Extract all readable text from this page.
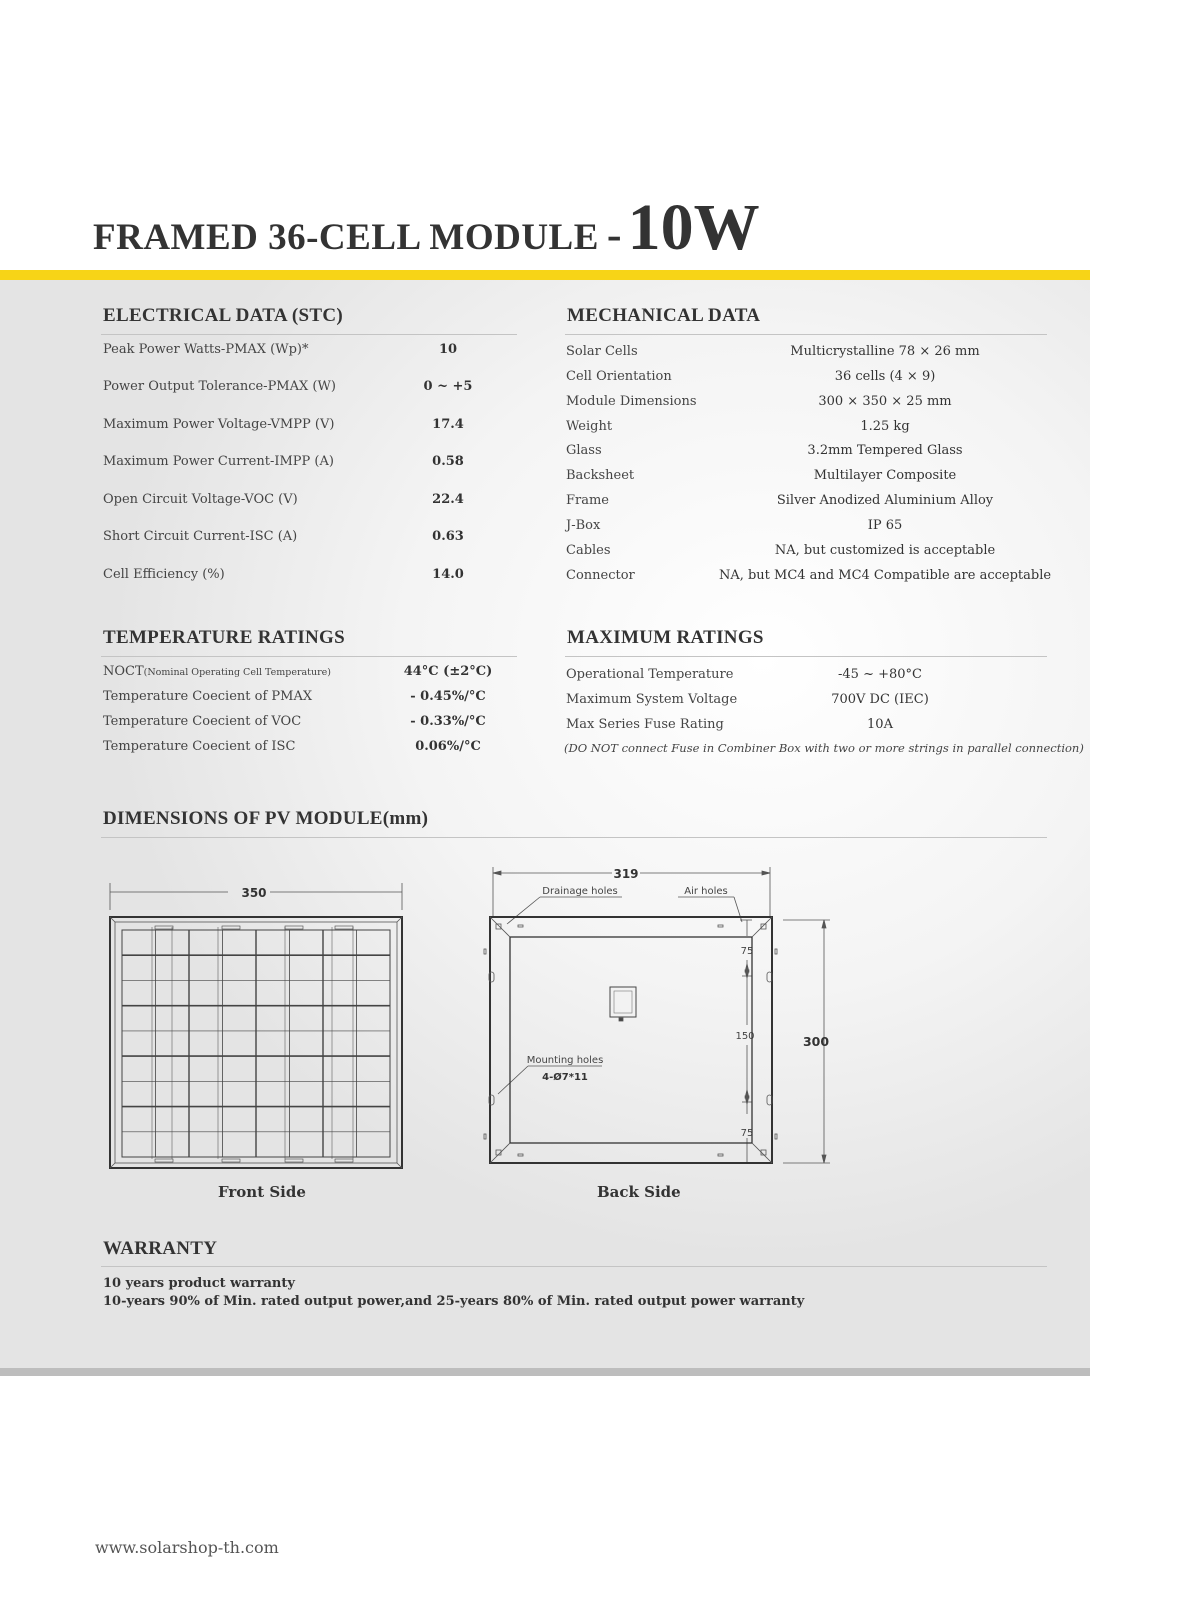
FRAMED 36-CELL MODULE -10W
ELECTRICAL DATA (STC)
Peak Power Watts-PMAX (Wp)*	10
Power Output Tolerance-PMAX (W)	0 ~ +5
Maximum Power Voltage-VMPP (V)	17.4
Maximum Power Current-IMPP (A)	0.58
Open Circuit Voltage-VOC (V)	22.4
Short Circuit Current-ISC (A)	0.63
Cell Efficiency (%)	14.0
MECHANICAL DATA
Solar Cells	Multicrystalline 78 × 26 mm
Cell Orientation	36 cells (4 × 9)
Module Dimensions	300 × 350 × 25 mm
Weight	1.25 kg
Glass	3.2mm Tempered Glass
Backsheet	Multilayer Composite
Frame	Silver Anodized Aluminium Alloy
J-Box	IP 65
Cables	NA, but customized is acceptable
Connector	NA, but MC4 and MC4 Compatible are acceptable
TEMPERATURE RATINGS
NOCT(Nominal Operating Cell Temperature)	44°C (±2°C)
Temperature Coecient of PMAX	- 0.45%/°C
Temperature Coecient of VOC	- 0.33%/°C
Temperature Coecient of ISC	0.06%/°C
MAXIMUM RATINGS
Operational Temperature	-45 ~ +80°C
Maximum System Voltage	700V DC (IEC)
Max Series Fuse Rating	10A
(DO NOT connect Fuse in Combiner Box with two or more strings in parallel connection)
DIMENSIONS OF PV MODULE(mm)
350
Front Side
319
Drainage holes	Air holes
300
75
150
75
Mounting holes
4-Ø7*11
Back Side
WARRANTY
10 years product warranty
10-years 90% of Min. rated output power,and 25-years 80% of Min. rated output power warranty
www.solarshop-th.com
